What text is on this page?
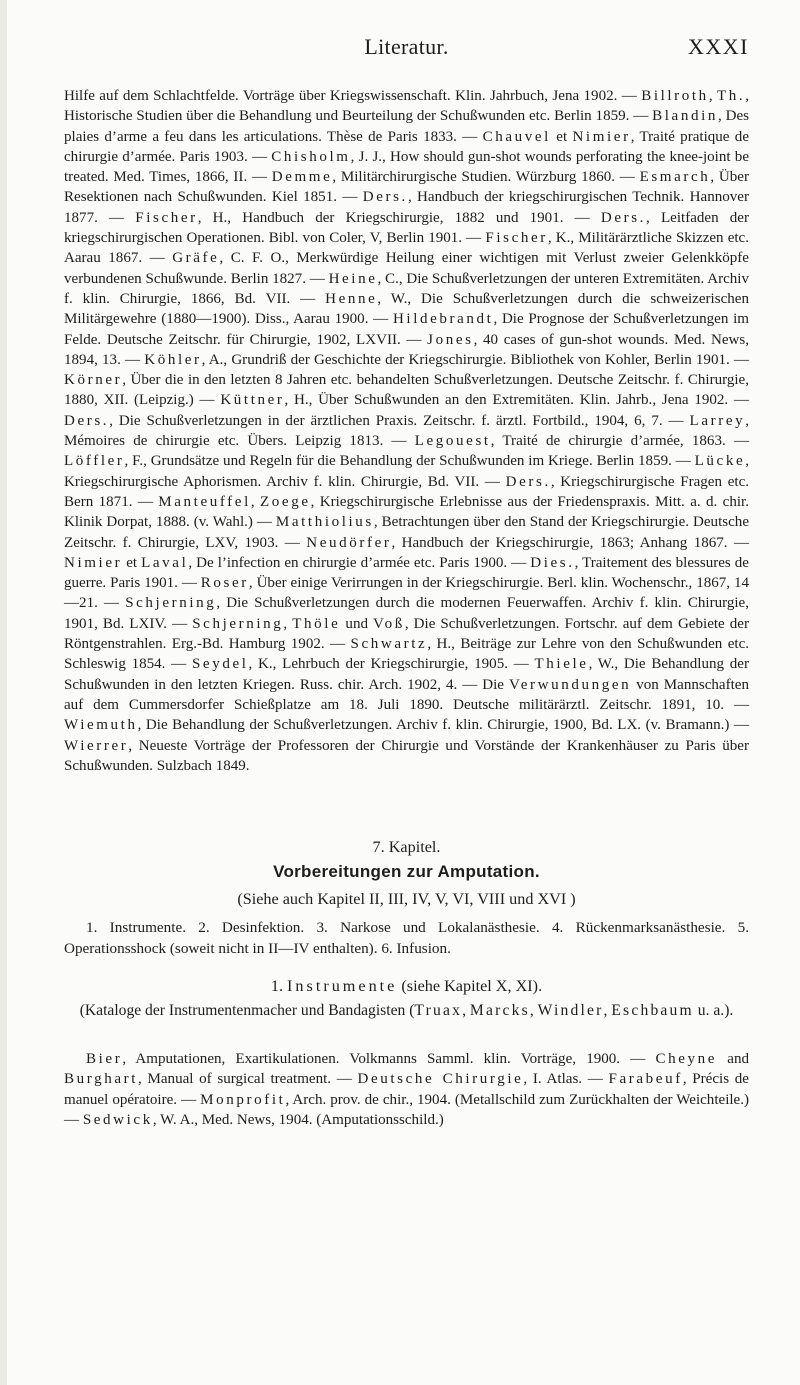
Literatur.	XXXI

Hilfe auf dem Schlachtfelde. Vorträge über Kriegswissenschaft. Klin. Jahrbuch, Jena 1902. — Billroth, Th., Historische Studien über die Behandlung und Beurteilung der Schußwunden etc. Berlin 1859. — Blandin, Des plaies d’arme a feu dans les articulations. Thèse de Paris 1833. — Chauvel et Nimier, Traité pratique de chirurgie d’armée. Paris 1903. — Chisholm, J. J., How should gun-shot wounds perforating the knee-joint be treated. Med. Times, 1866, II. — Demme, Militärchirurgische Studien. Würzburg 1860. — Esmarch, Über Resektionen nach Schußwunden. Kiel 1851. — Ders., Handbuch der kriegschirurgischen Technik. Hannover 1877. — Fischer, H., Handbuch der Kriegschirurgie, 1882 und 1901. — Ders., Leitfaden der kriegschirurgischen Operationen. Bibl. von Coler, V, Berlin 1901. — Fischer, K., Militärärztliche Skizzen etc. Aarau 1867. — Gräfe, C. F. O., Merkwürdige Heilung einer wichtigen mit Verlust zweier Gelenkköpfe verbundenen Schußwunde. Berlin 1827. — Heine, C., Die Schußverletzungen der unteren Extremitäten. Archiv f. klin. Chirurgie, 1866, Bd. VII. — Henne, W., Die Schußverletzungen durch die schweizerischen Militärgewehre (1880—1900). Diss., Aarau 1900. — Hildebrandt, Die Prognose der Schußverletzungen im Felde. Deutsche Zeitschr. für Chirurgie, 1902, LXVII. — Jones, 40 cases of gun-shot wounds. Med. News, 1894, 13. — Köhler, A., Grundriß der Geschichte der Kriegschirurgie. Bibliothek von Kohler, Berlin 1901. — Körner, Über die in den letzten 8 Jahren etc. behandelten Schußverletzungen. Deutsche Zeitschr. f. Chirurgie, 1880, XII. (Leipzig.) — Küttner, H., Über Schußwunden an den Extremitäten. Klin. Jahrb., Jena 1902. — Ders., Die Schußverletzungen in der ärztlichen Praxis. Zeitschr. f. ärztl. Fortbild., 1904, 6, 7. — Larrey, Mémoires de chirurgie etc. Übers. Leipzig 1813. — Legouest, Traité de chirurgie d’armée, 1863. — Löffler, F., Grundsätze und Regeln für die Behandlung der Schußwunden im Kriege. Berlin 1859. — Lücke, Kriegschirurgische Aphorismen. Archiv f. klin. Chirurgie, Bd. VII. — Ders., Kriegschirurgische Fragen etc. Bern 1871. — Manteuffel, Zoege, Kriegschirurgische Erlebnisse aus der Friedenspraxis. Mitt. a. d. chir. Klinik Dorpat, 1888. (v. Wahl.) — Matthiolius, Betrachtungen über den Stand der Kriegschirurgie. Deutsche Zeitschr. f. Chirurgie, LXV, 1903. — Neudörfer, Handbuch der Kriegschirurgie, 1863; Anhang 1867. — Nimier et Laval, De l’infection en chirurgie d’armée etc. Paris 1900. — Dies., Traitement des blessures de guerre. Paris 1901. — Roser, Über einige Verirrungen in der Kriegschirurgie. Berl. klin. Wochenschr., 1867, 14—21. — Schjerning, Die Schußverletzungen durch die modernen Feuerwaffen. Archiv f. klin. Chirurgie, 1901, Bd. LXIV. — Schjerning, Thöle und Voß, Die Schußverletzungen. Fortschr. auf dem Gebiete der Röntgenstrahlen. Erg.-Bd. Hamburg 1902. — Schwartz, H., Beiträge zur Lehre von den Schußwunden etc. Schleswig 1854. — Seydel, K., Lehrbuch der Kriegschirurgie, 1905. — Thiele, W., Die Behandlung der Schußwunden in den letzten Kriegen. Russ. chir. Arch. 1902, 4. — Die Verwundungen von Mannschaften auf dem Cummersdorfer Schießplatze am 18. Juli 1890. Deutsche militärärztl. Zeitschr. 1891, 10. — Wiemuth, Die Behandlung der Schußverletzungen. Archiv f. klin. Chirurgie, 1900, Bd. LX. (v. Bramann.) — Wierrer, Neueste Vorträge der Professoren der Chirurgie und Vorstände der Krankenhäuser zu Paris über Schußwunden. Sulzbach 1849.

7. Kapitel.
Vorbereitungen zur Amputation.
(Siehe auch Kapitel II, III, IV, V, VI, VIII und XVI )

1. Instrumente. 2. Desinfektion. 3. Narkose und Lokalanästhesie. 4. Rückenmarksanästhesie. 5. Operationsshock (soweit nicht in II—IV enthalten). 6. Infusion.

1. Instrumente (siehe Kapitel X, XI).
(Kataloge der Instrumentenmacher und Bandagisten (Truax, Marcks, Windler, Eschbaum u. a.).

Bier, Amputationen, Exartikulationen. Volkmanns Samml. klin. Vorträge, 1900. — Cheyne and Burghart, Manual of surgical treatment. — Deutsche Chirurgie, I. Atlas. — Farabeuf, Précis de manuel opératoire. — Monprofit, Arch. prov. de chir., 1904. (Metallschild zum Zurückhalten der Weichteile.) — Sedwick, W. A., Med. News, 1904. (Amputationsschild.)
